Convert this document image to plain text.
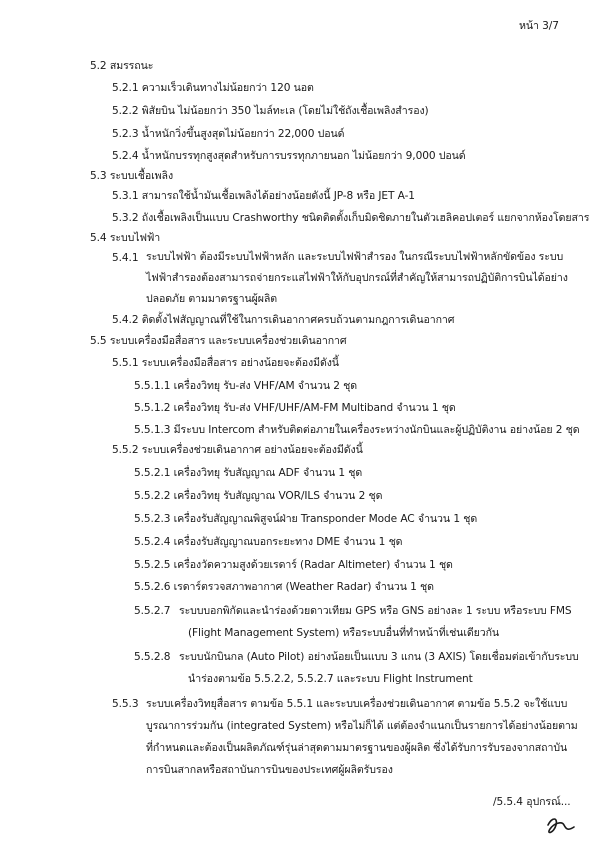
หน้า 3/7
5.2 สมรรถนะ
5.2.1 ความเร็วเดินทางไม่น้อยกว่า 120 นอต
5.2.2 พิสัยบิน ไม่น้อยกว่า 350 ไมล์ทะเล (โดยไม่ใช้ถังเชื้อเพลิงสำรอง)
5.2.3 น้ำหนักวิ่งขึ้นสูงสุดไม่น้อยกว่า 22,000 ปอนด์
5.2.4 น้ำหนักบรรทุกสูงสุดสำหรับการบรรทุกภายนอก ไม่น้อยกว่า 9,000 ปอนด์
5.3 ระบบเชื้อเพลิง
5.3.1 สามารถใช้น้ำมันเชื้อเพลิงได้อย่างน้อยดังนี้ JP-8 หรือ JET A-1
5.3.2 ถังเชื้อเพลิงเป็นแบบ Crashworthy ชนิดติดตั้งเก็บมิดชิดภายในตัวเฮลิคอปเตอร์ แยกจากห้องโดยสาร
5.4 ระบบไฟฟ้า
5.4.1 ระบบไฟฟ้า ต้องมีระบบไฟฟ้าหลัก และระบบไฟฟ้าสำรอง ในกรณีระบบไฟฟ้าหลักขัดข้อง ระบบไฟฟ้าสำรองต้องสามารถจ่ายกระแสไฟฟ้าให้กับอุปกรณ์ที่สำคัญให้สามารถปฏิบัติการบินได้อย่างปลอดภัย ตามมาตรฐานผู้ผลิต
5.4.2 ติดตั้งไฟสัญญาณที่ใช้ในการเดินอากาศครบถ้วนตามกฎการเดินอากาศ
5.5 ระบบเครื่องมือสื่อสาร และระบบเครื่องช่วยเดินอากาศ
5.5.1 ระบบเครื่องมือสื่อสาร อย่างน้อยจะต้องมีดังนี้
5.5.1.1 เครื่องวิทยุ รับ-ส่ง VHF/AM จำนวน 2 ชุด
5.5.1.2 เครื่องวิทยุ รับ-ส่ง VHF/UHF/AM-FM Multiband จำนวน 1 ชุด
5.5.1.3 มีระบบ Intercom สำหรับติดต่อภายในเครื่องระหว่างนักบินและผู้ปฏิบัติงาน อย่างน้อย 2 ชุด
5.5.2 ระบบเครื่องช่วยเดินอากาศ อย่างน้อยจะต้องมีดังนี้
5.5.2.1 เครื่องวิทยุ รับสัญญาณ ADF จำนวน 1 ชุด
5.5.2.2 เครื่องวิทยุ รับสัญญาณ VOR/ILS จำนวน 2 ชุด
5.5.2.3 เครื่องรับสัญญาณพิสูจน์ฝ่าย Transponder Mode AC จำนวน 1 ชุด
5.5.2.4 เครื่องรับสัญญาณบอกระยะทาง DME จำนวน 1 ชุด
5.5.2.5 เครื่องวัดความสูงด้วยเรดาร์ (Radar Altimeter) จำนวน 1 ชุด
5.5.2.6 เรดาร์ตรวจสภาพอากาศ (Weather Radar) จำนวน 1 ชุด
5.5.2.7 ระบบบอกพิกัดและนำร่องด้วยดาวเทียม GPS หรือ GNS อย่างละ 1 ระบบ หรือระบบ FMS
(Flight Management System) หรือระบบอื่นที่ทำหน้าที่เช่นเดียวกัน
5.5.2.8 ระบบนักบินกล (Auto Pilot) อย่างน้อยเป็นแบบ 3 แกน (3 AXIS) โดยเชื่อมต่อเข้ากับระบบ
นำร่องตามข้อ 5.5.2.2, 5.5.2.7 และระบบ Flight Instrument
5.5.3 ระบบเครื่องวิทยุสื่อสาร ตามข้อ 5.5.1 และระบบเครื่องช่วยเดินอากาศ ตามข้อ 5.5.2 จะใช้แบบบูรณาการร่วมกัน (integrated System) หรือไม่ก็ได้ แต่ต้องจำแนกเป็นรายการได้อย่างน้อยตามที่กำหนดและต้องเป็นผลิตภัณฑ์รุ่นล่าสุดตามมาตรฐานของผู้ผลิต ซึ่งได้รับการรับรองจากสถาบันการบินสากลหรือสถาบันการบินของประเทศผู้ผลิตรับรอง
/5.5.4 อุปกรณ์...
